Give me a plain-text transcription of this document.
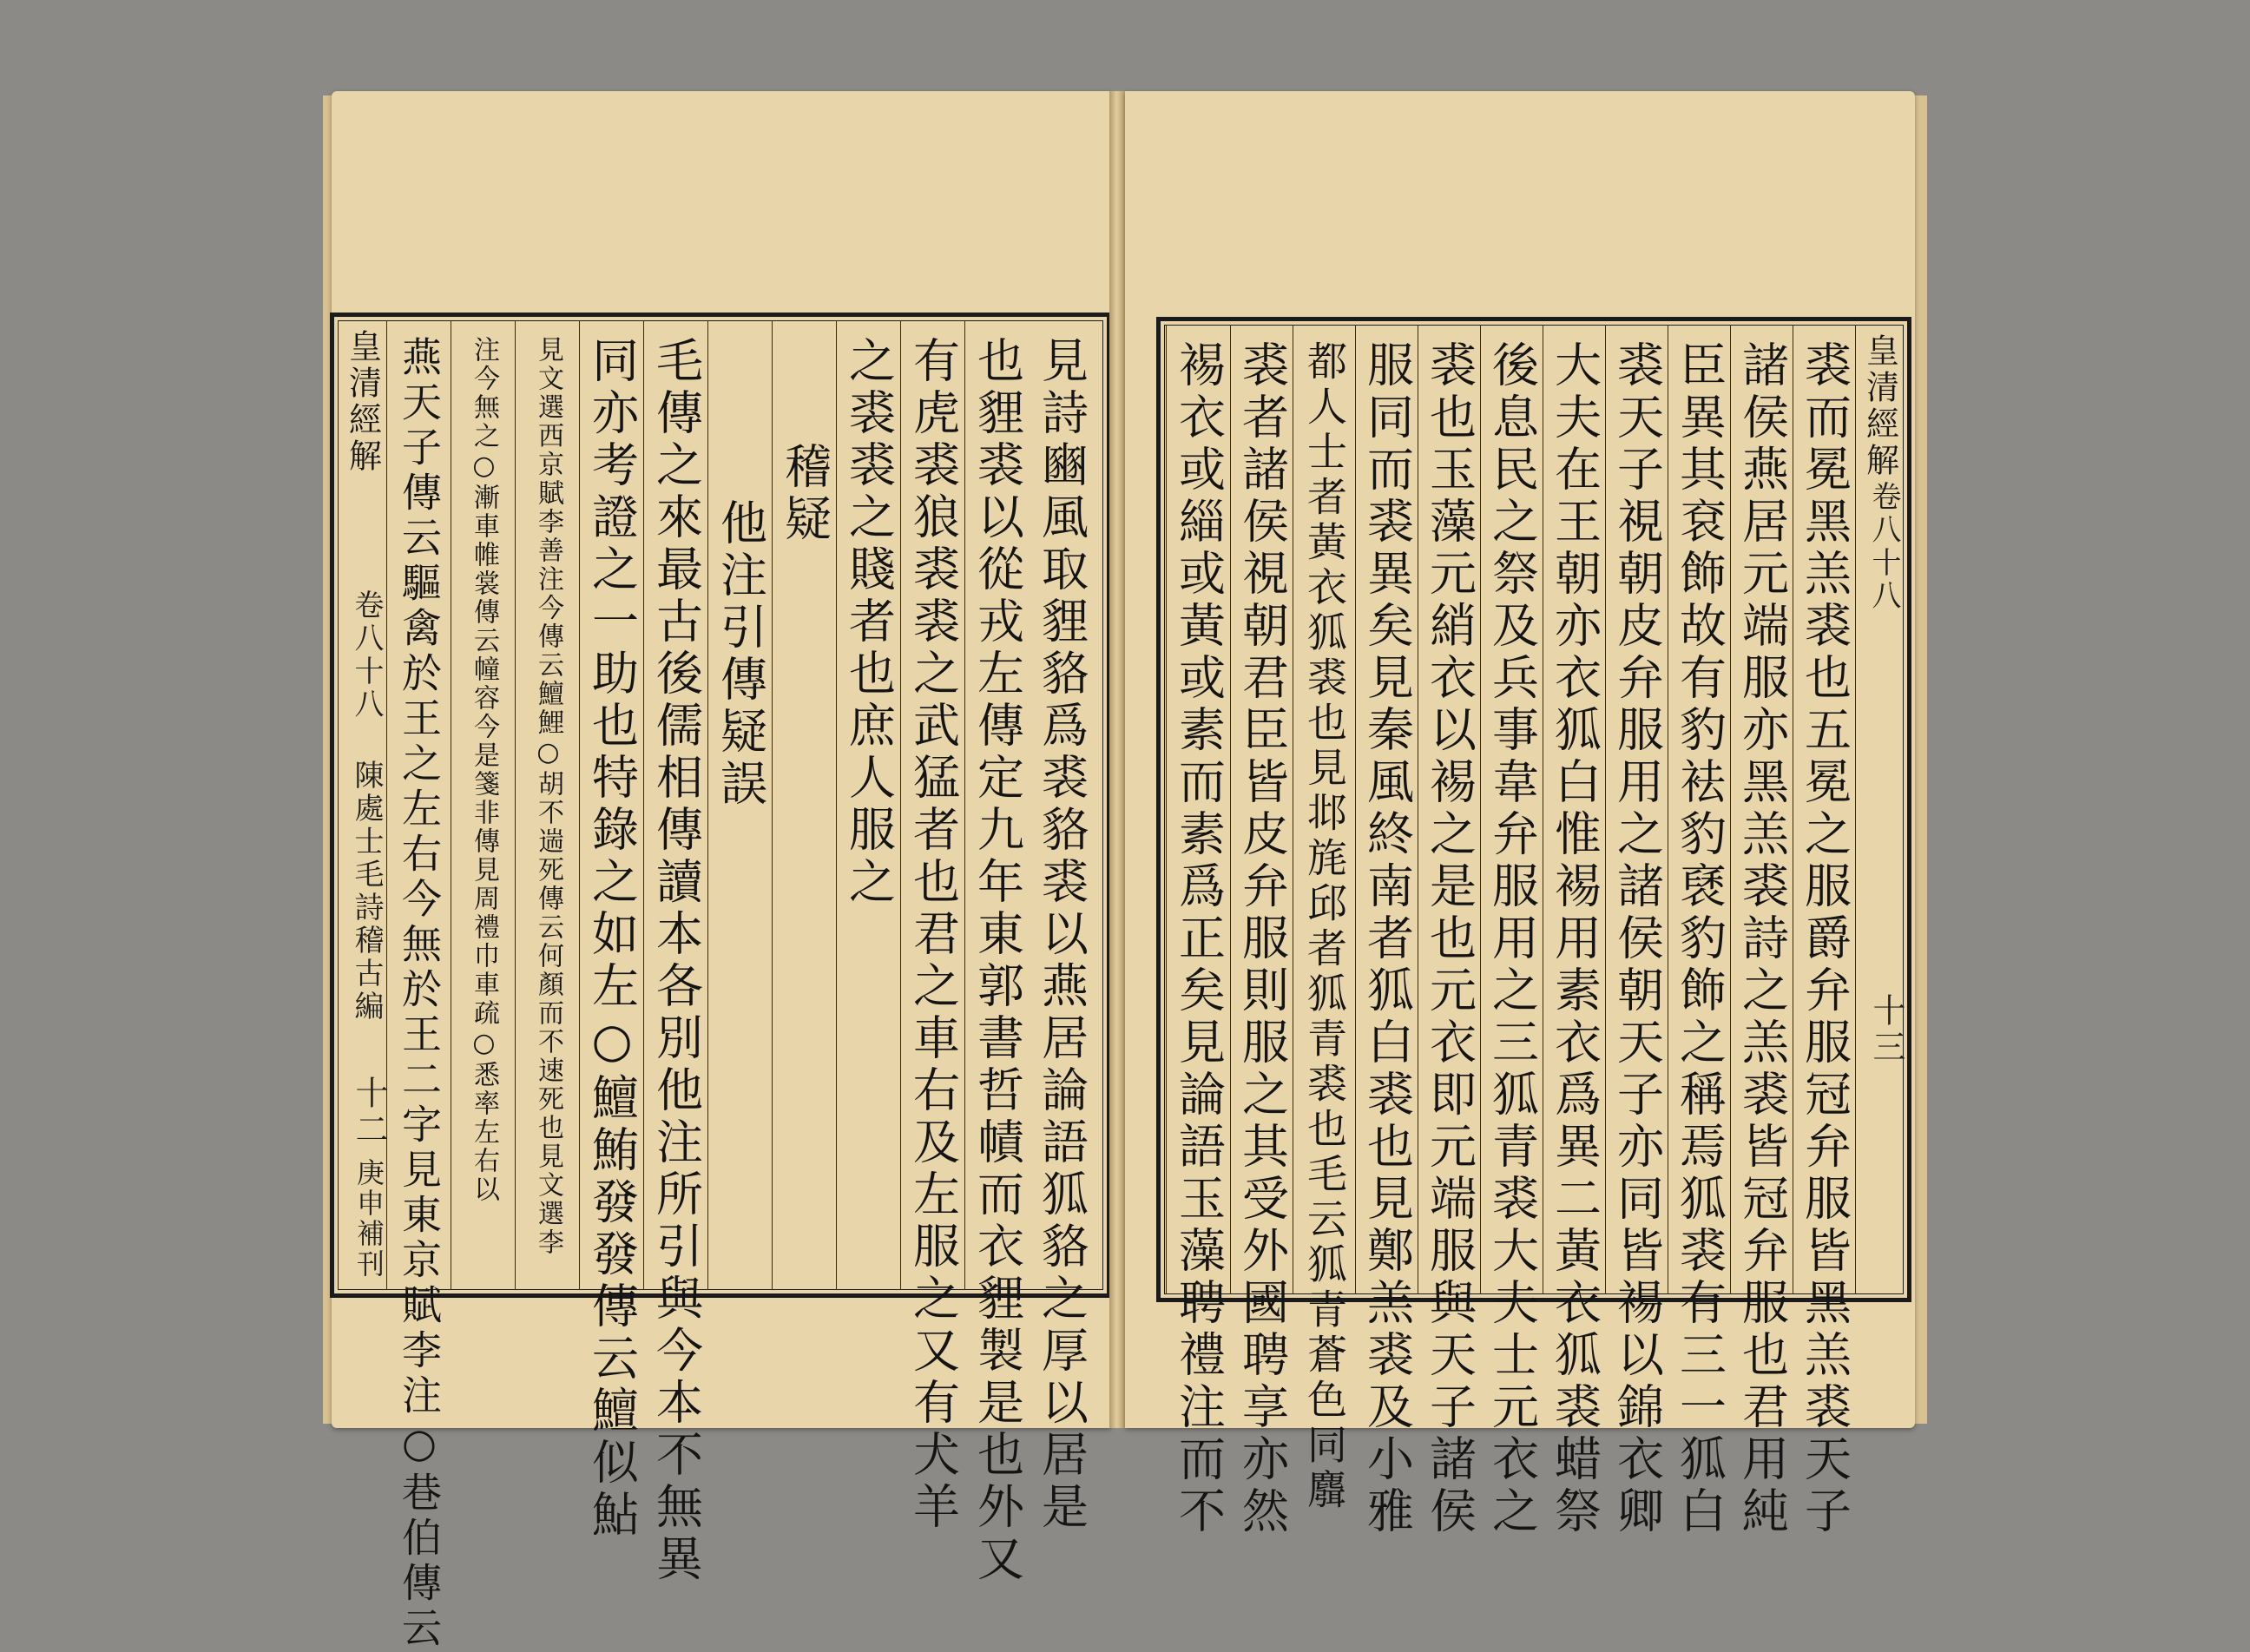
見詩豳風取貍貉爲裘貉裘以燕居論語狐貉之厚以居是
也貍裘以從戎左傳定九年東郭書哲幘而衣貍製是也外又
有虎裘狼裘裘之武猛者也君之車右及左服之又有犬羊
之裘裘之賤者也庶人服之
稽疑
他注引傳疑誤
毛傳之來最古後儒相傳讀本各別他注所引與今本不無異
同亦考證之一助也特錄之如左○鱣鮪發發傳云鱣似鮎
見文選西京賦李善注今傳云鱣鯉○胡不遄死傳云何顏而不速死也見文選李
注今無之○漸車帷裳傳云幢容今是箋非傳見周禮巾車疏○悉率左右以
燕天子傳云驅禽於王之左右今無於王二字見東京賦李注○巷伯傳云
皇清經解
卷八十八 陳處士毛詩稽古編
十二
庚申補刊
皇清經解
卷八十八
十三
裘而冕黑羔裘也五冕之服爵弁服冠弁服皆黑羔裘天子
諸侯燕居元端服亦黑羔裘詩之羔裘皆冠弁服也君用純
臣異其袞飾故有豹袪豹褎豹飾之稱焉狐裘有三一狐白
裘天子視朝皮弁服用之諸侯朝天子亦同皆裼以錦衣卿
大夫在王朝亦衣狐白惟裼用素衣爲異二黃衣狐裘蜡祭
後息民之祭及兵事韋弁服用之三狐青裘大夫士元衣之
裘也玉藻元綃衣以裼之是也元衣即元端服與天子諸侯
服同而裘異矣見秦風終南者狐白裘也見鄭羔裘及小雅
都人士者黃衣狐裘也見邶旄邱者狐青裘也毛云狐青蒼色同麛
裘者諸侯視朝君臣皆皮弁服則服之其受外國聘享亦然
裼衣或緇或黃或素而素爲正矣見論語玉藻聘禮注而不
